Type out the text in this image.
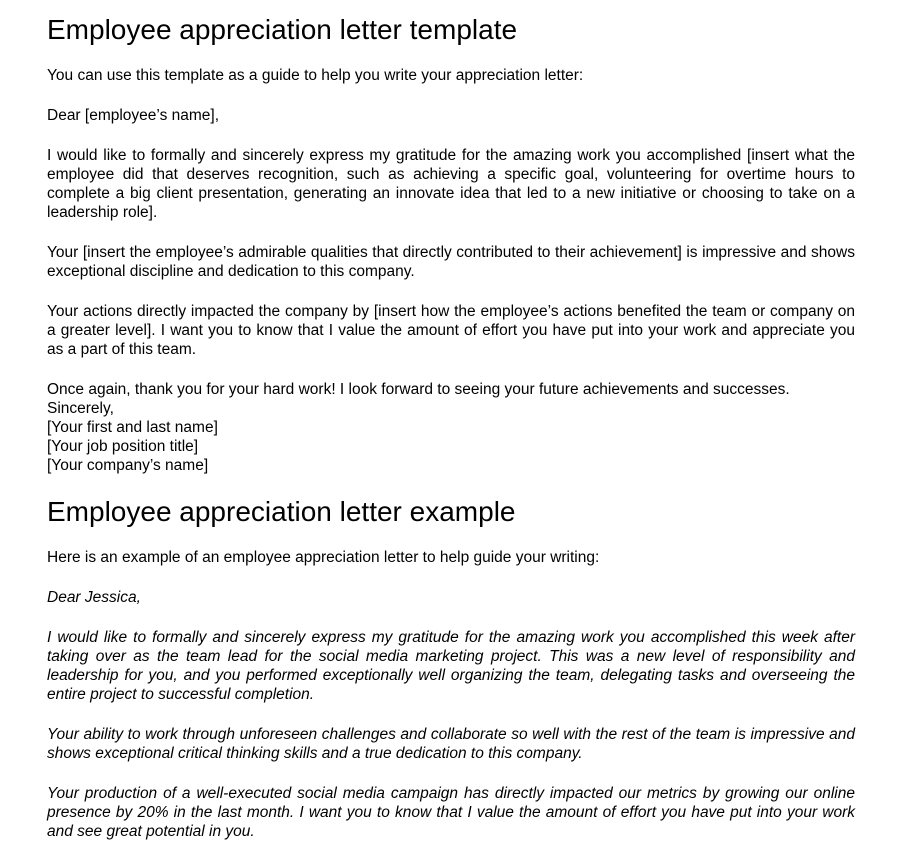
Employee appreciation letter template

You can use this template as a guide to help you write your appreciation letter:

Dear [employee’s name],

I would like to formally and sincerely express my gratitude for the amazing work you accomplished [insert what the employee did that deserves recognition, such as achieving a specific goal, volunteering for overtime hours to complete a big client presentation, generating an innovate idea that led to a new initiative or choosing to take on a leadership role].

Your [insert the employee’s admirable qualities that directly contributed to their achievement] is impressive and shows exceptional discipline and dedication to this company.

Your actions directly impacted the company by [insert how the employee’s actions benefited the team or company on a greater level]. I want you to know that I value the amount of effort you have put into your work and appreciate you as a part of this team.

Once again, thank you for your hard work! I look forward to seeing your future achievements and successes.

Sincerely,
[Your first and last name]
[Your job position title]
[Your company’s name]
Employee appreciation letter example

Here is an example of an employee appreciation letter to help guide your writing:

Dear Jessica,

I would like to formally and sincerely express my gratitude for the amazing work you accomplished this week after taking over as the team lead for the social media marketing project. This was a new level of responsibility and leadership for you, and you performed exceptionally well organizing the team, delegating tasks and overseeing the entire project to successful completion.

Your ability to work through unforeseen challenges and collaborate so well with the rest of the team is impressive and shows exceptional critical thinking skills and a true dedication to this company.

Your production of a well-executed social media campaign has directly impacted our metrics by growing our online presence by 20% in the last month. I want you to know that I value the amount of effort you have put into your work and see great potential in you.
